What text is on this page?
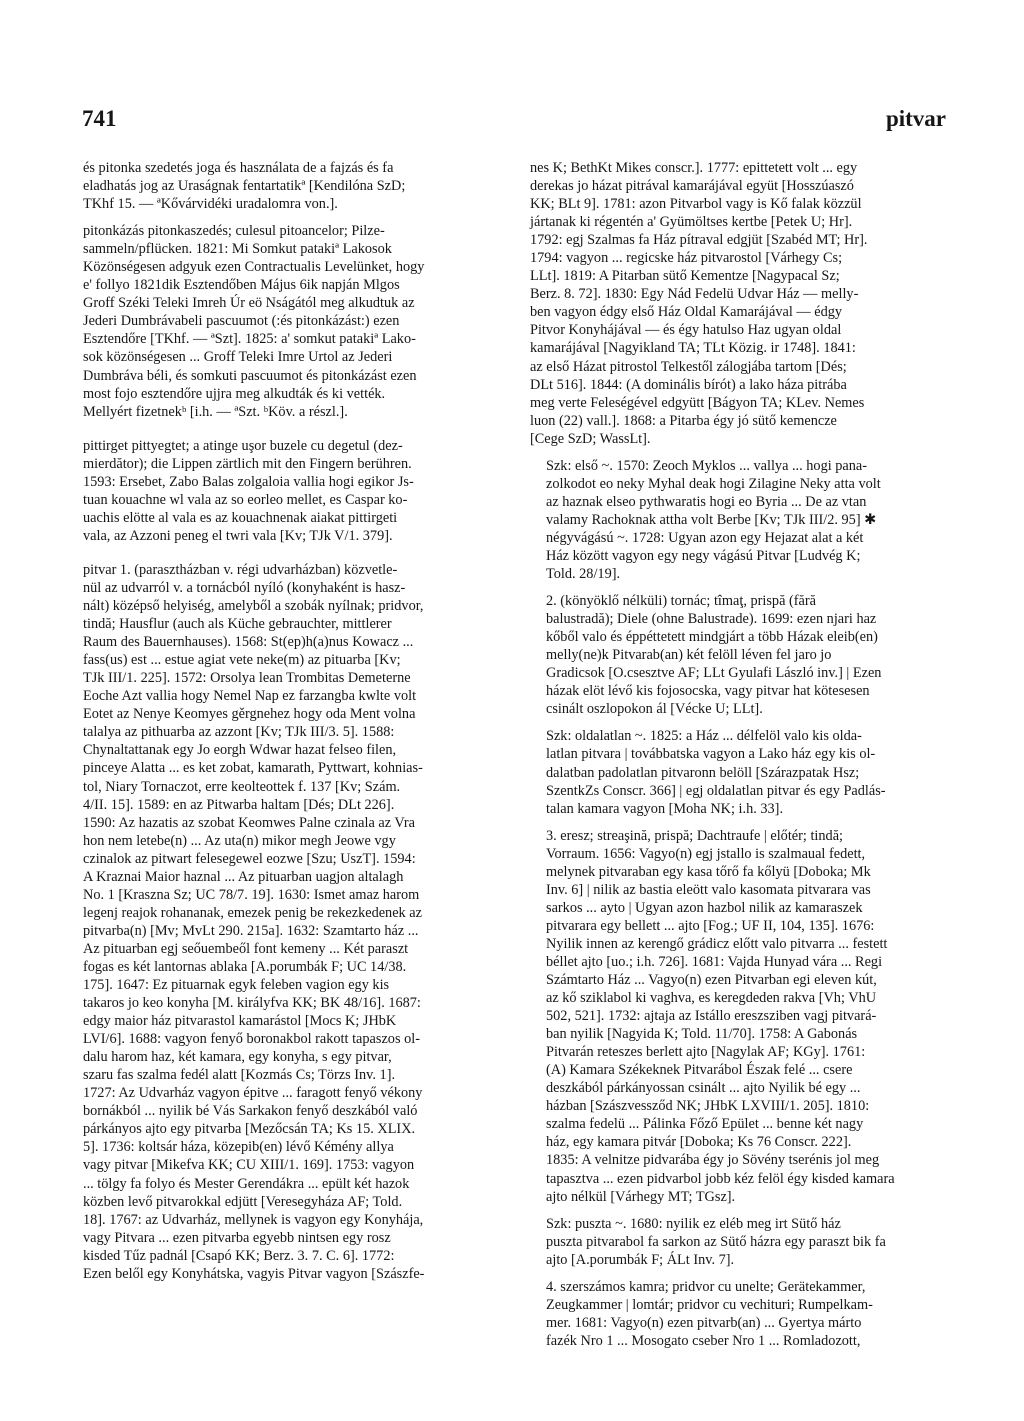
741	pitvar

és pitonka szedetés joga és használata de a fajzás és fa
eladhatás jog az Uraságnak fentartatikª [Kendilóna SzD;
TKhf 15. — ªKővárvidéki uradalomra von.].

pitonkázás pitonkaszedés; culesul pitoancelor; Pilze-
sammeln/pflücken. 1821: Mi Somkut patakiª Lakosok
Közönségesen adgyuk ezen Contractualis Levelünket, hogy
e' follyo 1821dik Esztendőben Május 6ik napján Mlgos
Groff Széki Teleki Imreh Úr eö Nságától meg alkudtuk az
Jederi Dumbrávabeli pascuumot (:és pitonkázást:) ezen
Esztendőre [TKhf. — ªSzt]. 1825: a' somkut patakiª Lako-
sok közönségesen ... Groff Teleki Imre Urtol az Jederi
Dumbráva béli, és somkuti pascuumot és pitonkázást ezen
most fojo esztendőre ujjra meg alkudták és ki vették.
Mellyért fizetnekᵇ [i.h. — ªSzt. ᵇKöv. a részl.].

pittirget pittyegtet; a atinge uşor buzele cu degetul (dez-
mierdător); die Lippen zärtlich mit den Fingern berühren.
1593: Ersebet, Zabo Balas zolgaloia vallia hogi egikor Js-
tuan kouachne wl vala az so eorleo mellet, es Caspar ko-
uachis elötte al vala es az kouachnenak aiakat pittirgeti
vala, az Azzoni peneg el twri vala [Kv; TJk V/1. 379].

pitvar 1. (parasztházban v. régi udvarházban) közvetle-
nül az udvarról v. a tornácból nyíló (konyhaként is hasz-
nált) középső helyiség, amelyből a szobák nyílnak; pridvor,
tindă; Hausflur (auch als Küche gebrauchter, mittlerer
Raum des Bauernhauses). 1568: St(ep)h(a)nus Kowacz ...
fass(us) est ... estue agiat vete neke(m) az pituarba [Kv;
TJk III/1. 225]. 1572: Orsolya lean Trombitas Demeterne
Eoche Azt vallia hogy Nemel Nap ez farzangba kwlte volt
Eotet az Nenye Keomyes gěrgnehez hogy oda Ment volna
talalya az pithuarba az azzont [Kv; TJk III/3. 5]. 1588:
Chynaltattanak egy Jo eorgh Wdwar hazat felseo filen,
pinceye Alatta ... es ket zobat, kamarath, Pyttwart, kohnias-
tol, Niary Tornaczot, erre keolteottek f. 137 [Kv; Szám.
4/II. 15]. 1589: en az Pitwarba haltam [Dés; DLt 226].
1590: Az hazatis az szobat Keomwes Palne czinala az Vra
hon nem letebe(n) ... Az uta(n) mikor megh Jeowe vgy
czinalok az pitwart felesegewel eozwe [Szu; UszT]. 1594:
A Kraznai Maior haznal ... Az pituarban uagjon altalagh
No. 1 [Kraszna Sz; UC 78/7. 19]. 1630: Ismet amaz harom
legenj reajok rohananak, emezek penig be rekezkedenek az
pitvarba(n) [Mv; MvLt 290. 215a]. 1632: Szamtarto ház ...
Az pituarban egj seőuembeől font kemeny ... Két paraszt
fogas es két lantornas ablaka [A.porumbák F; UC 14/38.
175]. 1647: Ez pituarnak egyk feleben vagion egy kis
takaros jo keo konyha [M. királyfva KK; BK 48/16]. 1687:
edgy maior ház pitvarastol kamarástol [Mocs K; JHbK
LVI/6]. 1688: vagyon fenyő boronakbol rakott tapaszos ol-
dalu harom haz, két kamara, egy konyha, s egy pitvar,
szaru fas szalma fedél alatt [Kozmás Cs; Törzs Inv. 1].
1727: Az Udvarház vagyon épitve ... faragott fenyő vékony
bornákból ... nyilik bé Vás Sarkakon fenyő deszkából való
párkányos ajto egy pitvarba [Mezőcsán TA; Ks 15. XLIX.
5]. 1736: koltsár háza, közepib(en) lévő Kémény allya
vagy pitvar [Mikefva KK; CU XIII/1. 169]. 1753: vagyon
... tölgy fa folyo és Mester Gerendákra ... epült két hazok
közben levő pitvarokkal edjütt [Veresegyháza AF; Told.
18]. 1767: az Udvarház, mellynek is vagyon egy Konyhája,
vagy Pitvara ... ezen pitvarba egyebb nintsen egy rosz
kisded Tűz padnál [Csapó KK; Berz. 3. 7. C. 6]. 1772:
Ezen belől egy Konyhátska, vagyis Pitvar vagyon [Szászfe-

nes K; BethKt Mikes conscr.]. 1777: epittetett volt ... egy
derekas jo házat pitrával kamarájával együt [Hosszúaszó
KK; BLt 9]. 1781: azon Pitvarbol vagy is Kő falak közzül
jártanak ki régentén a' Gyümöltses kertbe [Petek U; Hr].
1792: egj Szalmas fa Ház pítraval edgjüt [Szabéd MT; Hr].
1794: vagyon ... regicske ház pitvarostol [Várhegy Cs;
LLt]. 1819: A Pitarban sütő Kementze [Nagypacal Sz;
Berz. 8. 72]. 1830: Egy Nád Fedelü Udvar Ház — melly-
ben vagyon édgy első Ház Oldal Kamarájával — édgy
Pitvor Konyhájával — és égy hatulso Haz ugyan oldal
kamarájával [Nagyikland TA; TLt Közig. ir 1748]. 1841:
az első Házat pitrostol Telkestől zálogjába tartom [Dés;
DLt 516]. 1844: (A dominális bírót) a lako háza pitrába
meg verte Feleségével edgyütt [Bágyon TA; KLev. Nemes
luon (22) vall.]. 1868: a Pitarba égy jó sütő kemencze
[Cege SzD; WassLt].

Szk: első ~. 1570: Zeoch Myklos ... vallya ... hogi pana-
zolkodot eo neky Myhal deak hogi Zilagine Neky atta volt
az haznak elseo pythwaratis hogi eo Byria ... De az vtan
valamy Rachoknak attha volt Berbe [Kv; TJk III/2. 95] ✱
négyvágású ~. 1728: Ugyan azon egy Hejazat alat a két
Ház között vagyon egy negy vágású Pitvar [Ludvég K;
Told. 28/19].

2. (könyöklő nélküli) tornác; tîmaţ, prispă (fără
balustradă); Diele (ohne Balustrade). 1699: ezen njari haz
kőből valo és éppéttetett mindgjárt a több Házak eleib(en)
melly(ne)k Pitvarab(an) két felöll léven fel jaro jo
Gradicsok [O.csesztve AF; LLt Gyulafi László inv.] | Ezen
házak elöt lévő kis fojosocska, vagy pitvar hat kötesesen
csinált oszlopokon ál [Vécke U; LLt].

Szk: oldalatlan ~. 1825: a Ház ... délfelöl valo kis olda-
latlan pitvara | továbbatska vagyon a Lako ház egy kis ol-
dalatban padolatlan pitvaronn belöll [Szárazpatak Hsz;
SzentkZs Conscr. 366] | egj oldalatlan pitvar és egy Padlás-
talan kamara vagyon [Moha NK; i.h. 33].

3. eresz; streaşină, prispă; Dachtraufe | előtér; tindă;
Vorraum. 1656: Vagyo(n) egj jstallo is szalmaual fedett,
melynek pitvaraban egy kasa tőrő fa kőlyü [Doboka; Mk
Inv. 6] | nilik az bastia eleött valo kasomata pitvarara vas
sarkos ... ayto | Ugyan azon hazbol nilik az kamaraszek
pitvarara egy bellett ... ajto [Fog.; UF II, 104, 135]. 1676:
Nyilik innen az kerengő grádicz előtt valo pitvarra ... festett
béllet ajto [uo.; i.h. 726]. 1681: Vajda Hunyad vára ... Regi
Számtarto Ház ... Vagyo(n) ezen Pitvarban egi eleven kút,
az kő sziklabol ki vaghva, es keregdeden rakva [Vh; VhU
502, 521]. 1732: ajtaja az Istállo ereszsziben vagj pitvará-
ban nyilik [Nagyida K; Told. 11/70]. 1758: A Gabonás
Pitvarán reteszes berlett ajto [Nagylak AF; KGy]. 1761:
(A) Kamara Székeknek Pitvarábol Észak felé ... csere
deszkából párkányossan csinált ... ajto Nyilik bé egy ...
házban [Szászvessződ NK; JHbK LXVIII/1. 205]. 1810:
szalma fedelü ... Pálinka Főző Epület ... benne két nagy
ház, egy kamara pitvár [Doboka; Ks 76 Conscr. 222].
1835: A velnitze pidvarába égy jo Sövény tserénis jol meg
tapasztva ... ezen pidvarbol jobb kéz felöl égy kisded kamara
ajto nélkül [Várhegy MT; TGsz].

Szk: puszta ~. 1680: nyilik ez eléb meg irt Sütő ház
puszta pitvarabol fa sarkon az Sütő házra egy paraszt bik fa
ajto [A.porumbák F; ÁLt Inv. 7].

4. szerszámos kamra; pridvor cu unelte; Gerätekammer,
Zeugkammer | lomtár; pridvor cu vechituri; Rumpelkam-
mer. 1681: Vagyo(n) ezen pitvarb(an) ... Gyertya márto
fazék Nro 1 ... Mosogato cseber Nro 1 ... Romladozott,
